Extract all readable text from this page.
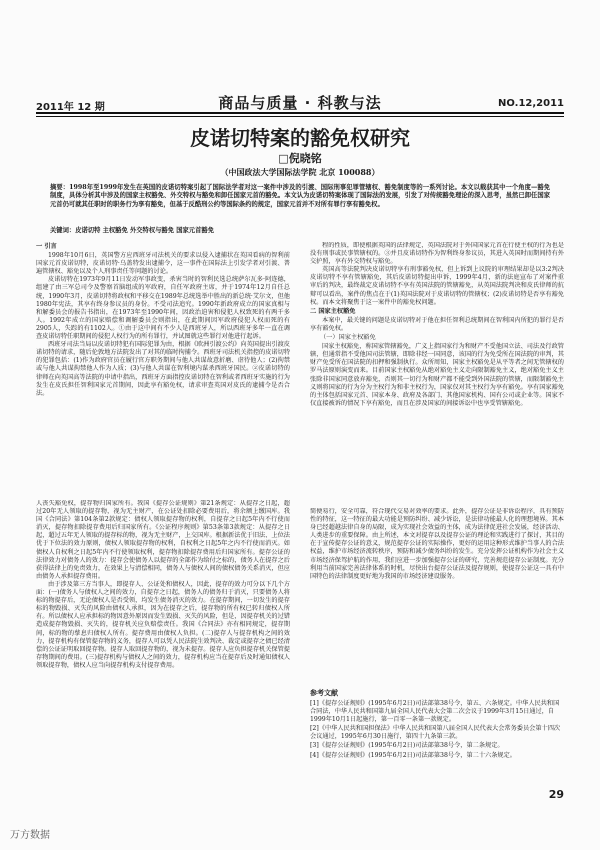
2011年 12 期	商品与质量 · 科教与法	NO.12,2011
皮诺切特案的豁免权研究
□倪晓铭
（中国政法大学国际法学院 北京 100088）
摘要：1998年至1999年发生在英国的皮诺切特案引起了国际法学者对这一案件中涉及的引渡、国际刑事犯罪管辖权、豁免制度等的一系列讨论。本文以载获其中一个角度—豁免制度，具体分析其中涉及的国家主权豁免、外交特权与豁免和卸任国家元首的豁免。本文认为皮诺切特案体现了国际法的发展，引发了对传统豁免理论的深入思考，虽然已卸任国家元首仍可就其任职时的职务行为享有豁免，但基于反酷刑公约等国际条约的规定，国家元首并不对所有罪行享有豁免权。
关键词：皮诺切特 主权豁免 外交特权与豁免 国家元首豁免

一 引言

1998年10月6日，英国警方应西班牙司法机关的要求以侵入逮捕状在英国看病的智利前国家元首皮诺切特，皮诺切特·乌盖特发出逮捕令，这一事件在国际法上引发学者对引渡、普遍管辖权、豁免以及个人刑事责任等问题的讨论。

皮诺切特在1973年9月11日发动军事政变，杀害当时的智利民选总统萨尔瓦多·阿连德，组建了由三军总司令及警察首脑组成的军政府，自任军政府主席，并于1974年12月自任总统，1990年3月，皮诺切特将政权和平移交在1989年总统选举中胜出的新总统·艾尔文，但他1980年宪法，其享有终身参议员的身份。不受司法追究。1990年新政府成立的国家真相与和解委员会的报告书指出，在1973年至1990年间，因政治迫害和侵犯人权致死的有两千多人。1992年成立的国家赔偿和调解委员会则指出，在此期间因军政府侵犯人权而死的有2905人，失踪的有1102人。①由于这中间有不少人是西班牙人，所以西班牙多年一直在调查皮诺切特任职期间的侵犯人权行为的所有罪行，并试图就这些罪行对他进行起诉。

西班牙司法当局以皮诺切特犯有国际犯罪为由，根据《欧洲引渡公约》向英国提出引渡皮诺切特的请求，随后伦敦地方法院发出了对其的临时拘捕令。西班牙司法机关指控的皮诺切特的犯罪包括：(1)作为政府官员在履行官方职务期间与他人共谋故意折磨、虐待他人；(2)拘禁或与他人共谋拘禁他人作为人质；(3)与他人共谋在智利境内谋杀西班牙国民。②皮诺切特的律师在向英国高等法院的申请中指出，西班牙方面指控皮诺切特在智利或者西班牙实施的行为发生在皮氏担任智利国家元首期间，因此享有豁免权，请求审查英国对皮氏的逮捕令是否合法。

程的性质，即使根据英国的法律规定，英国法院对于外国国家元首在行使主权的行为也是没有刑事或民事管辖权的。③并且皮诺切特作为智利终身参议员，其进入英国时而期间持有外交护照，享有外交特权与豁免。

英国高等法院判决皮诺切特享有刑事豁免权，但上诉到上议院的审理结果却是以3:2判决皮诺切特不享有管辖豁免，其后皮诺切特提出申诉，1999年4月，新的法庭宣布了对案件重审后的判决，最终裁定皮诺切特不享有英国法院的管辖豁免，从英国法院判决和皮氏律师的抗辩可以看出，案件的焦点在于(1)英国法院对于皮诺切特的管辖权；(2)皮诺切特是否享有豁免权。而本文将聚焦于这一案件中的豁免权问题。

二 国家主权豁免

本案中，最关键的问题是皮诺切特对于他在担任智利总统期间在智利国内所犯的罪行是否享有豁免权。

（一）国家主权豁免

国家主权豁免，称国家管辖豁免，广义上指国家行为和财产不受他国立法、司法及行政管辖，但通常指不受他国司法管辖，即除非经一国同意，该国的行为免受所在国法院的审判，其财产免受所在国法院的扣押和强制执行。众所周知，国家主权豁免是从平等者之间无管辖权的罗马法原则演变而来。目前国家主权豁免从绝对豁免主义走向限制豁免主义，绝对豁免主义主张除非国家同意放弃豁免，否则其一切行为和财产都不能受到外国法院的管辖，而限制豁免主义则将国家的行为分为主权行为和非主权行为，国家仅对其主权行为享有豁免。享有国家豁免的主体包括国家元首、国家本身、政府及各部门、其他国家机构、国有公司或企业等。国家不仅直接被诉的情况下享有豁免，而且在涉及国家的间接诉讼中也享受管辖豁免。

人丧失豁免权，提存物归国家所有。我国《提存公证规则》第21条规定：从提存之日起，超过20年无人领取的提存物，视为无主财产，在公证处扣除必要费用后，将余额上缴国库。我国《合同法》第104条第2款规定：债权人领取提存物的权利，自提存之日起5年内不行使而消灭，提存物扣除提存费用后归国家所有。《公证程序规则》第53条第3款规定：从提存之日起，超过五年无人领取的提存标的物，视为无主财产，上交国库。根据新法优于旧法、上位法优于下位法的效力原则，债权人领取提存物的权利，自权利之日起5年之内不行使而消灭。如债权人自权利之日起5年内不行使领取权利，提存物扣除提存费用后归国家所有。提存公证的法律效力对债务人的效力：提存会使债务人以提存的全部作为给付之标的，债务人在提存之后获得法律上的免责效力，在效果上与清偿相同，债务人与债权人间的债权债务关系消灭，但应由债务人承担提存费用。

由于涉及第三方当事人，即提存人、公证处和债权人，因此，提存的效力可分以下几个方面：(一)债务人与债权人之间的效力，自提存之日起，债务人的债务归于消灭，只要债务人将标的物提存后，无论债权人是否受领，均发生债务消灭的效力。在提存期间，一切发生的提存标的物毁损、灭失的风险由债权人承担，因为在提存之后，提存物的所有权已转归债权人所有。所以债权人应承担标的物因意外原因而发生毁损、灭失的风险，但是，因提存机关的过错造成提存物毁损、灭失的，提存机关应负赔偿责任。我国《合同法》亦有相同规定，提存期间，标的物的孳息归债权人所有。提存费用由债权人负担。(二)提存人与提存机构之间的效力，提存机构有保管提存物的义务，提存人可以凭人民法院生效判决、裁定或提存之债已经清偿的公证证明取回提存物。提存人取回提存物的，视为未提存。提存人应负担提存机关保管提存物期间的费用。(三)提存机构与债权人之间的效力，提存机构应当在提存后及时通知债权人领取提存物，债权人应当向提存机构支付提存费用。

简便易行，安全可靠，符合现代交易对效率的要求。此外，提存公证是非诉讼程序，具有预防性的特征，这一特征的最大功能是预防纠纷、减少诉讼，是法律功能最人化的理想境界。其本身已经超越法律自身的局限，成为实现社会效益的主体，成为法律促进社会发展，经济活动、人类进步的重要保障。由上所述，本文对提存以及提存公证的理论和实践进行了探讨，其目的在于宣传提存公证的意义，规范提存公证的实际操作，更好的运用这种形式维护当事人的合法权益，维护市场经济流转秩序，预防和减少债务纠纷的发生。充分发挥公证机构作为社会主义市场经济保驾护航的作用，我们应进一步加强提存公证的研究，完善规范提存公证制度。充分利用当前国家完善法律体系的时机，尽快出台提存公证法及提存规则，使提存公证这一具有中国特色的法律制度更好地为我国的市场经济建设服务。

参考文献
[1]《提存公证规则》(1995年6月2日)司法部第38号令，第五、六条规定。中华人民共和国合同法，中华人民共和国第九届全国人民代表大会第二次会议于1999年3月15日通过，自1999年10月1日起施行，第一百零一条第一款规定。
[2]《中华人民共和国担保法》中华人民共和国第八届全国人民代表大会常务委员会第十四次会议通过，1995年6月30日施行，第四十九条第三款。
[3]《提存公证规则》(1995年6月2日)司法部第38号令，第二条规定。
[4]《提存公证规则》(1995年6月2日)司法部第38号令，第二十六条规定。
29
万方数据
